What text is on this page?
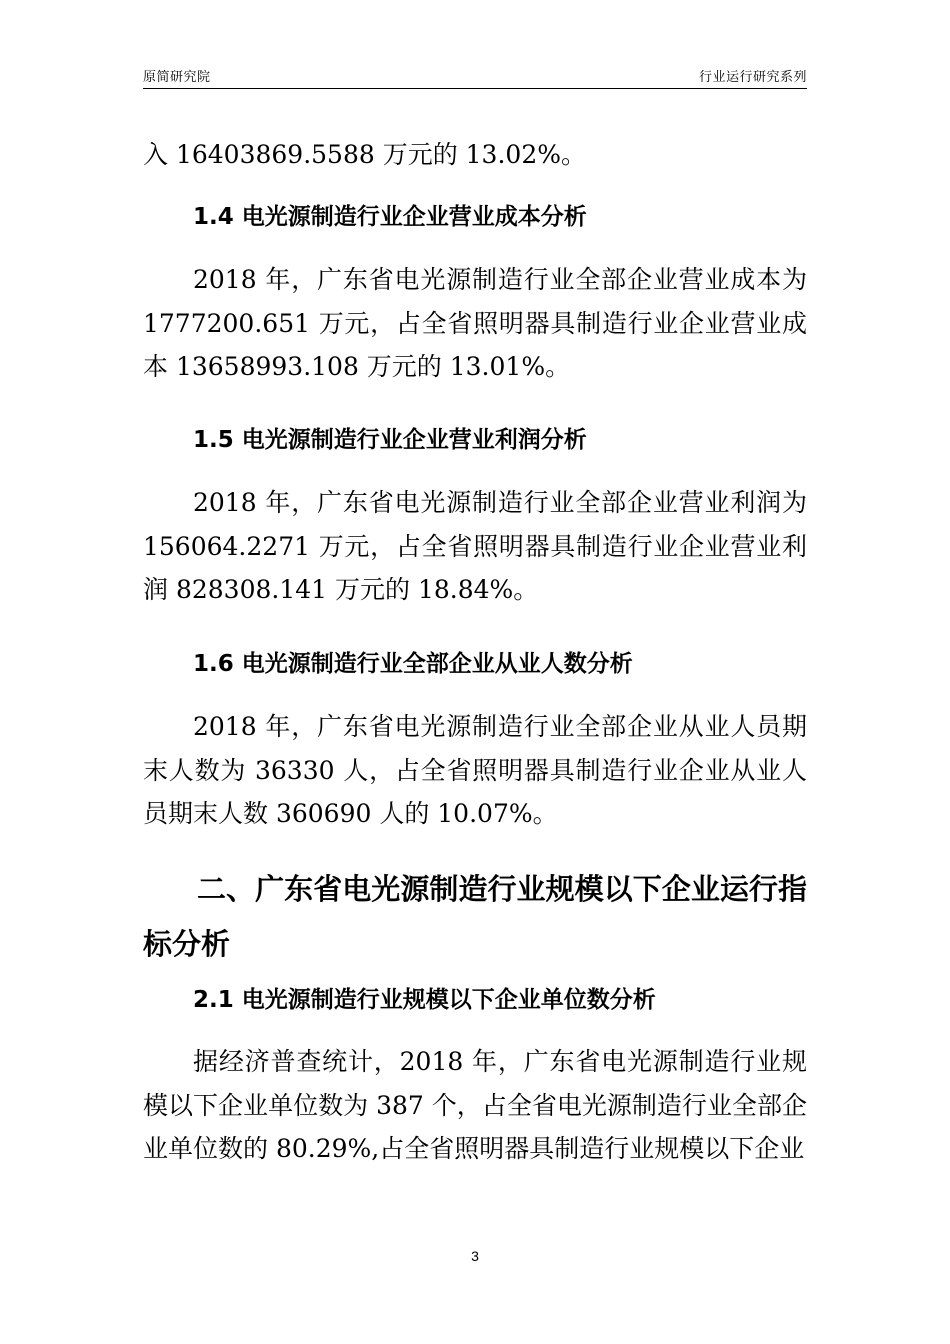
原简研究院	行业运行研究系列
入 16403869.5588 万元的 13.02%。
1.4 电光源制造行业企业营业成本分析
2018 年，广东省电光源制造行业全部企业营业成本为 1777200.651 万元，占全省照明器具制造行业企业营业成本 13658993.108 万元的 13.01%。
1.5 电光源制造行业企业营业利润分析
2018 年，广东省电光源制造行业全部企业营业利润为 156064.2271 万元，占全省照明器具制造行业企业营业利润 828308.141 万元的 18.84%。
1.6 电光源制造行业全部企业从业人数分析
2018 年，广东省电光源制造行业全部企业从业人员期末人数为 36330 人，占全省照明器具制造行业企业从业人员期末人数 360690 人的 10.07%。
二、广东省电光源制造行业规模以下企业运行指标分析
2.1 电光源制造行业规模以下企业单位数分析
据经济普查统计，2018 年，广东省电光源制造行业规模以下企业单位数为 387 个，占全省电光源制造行业全部企业单位数的 80.29%,占全省照明器具制造行业规模以下企业
3
